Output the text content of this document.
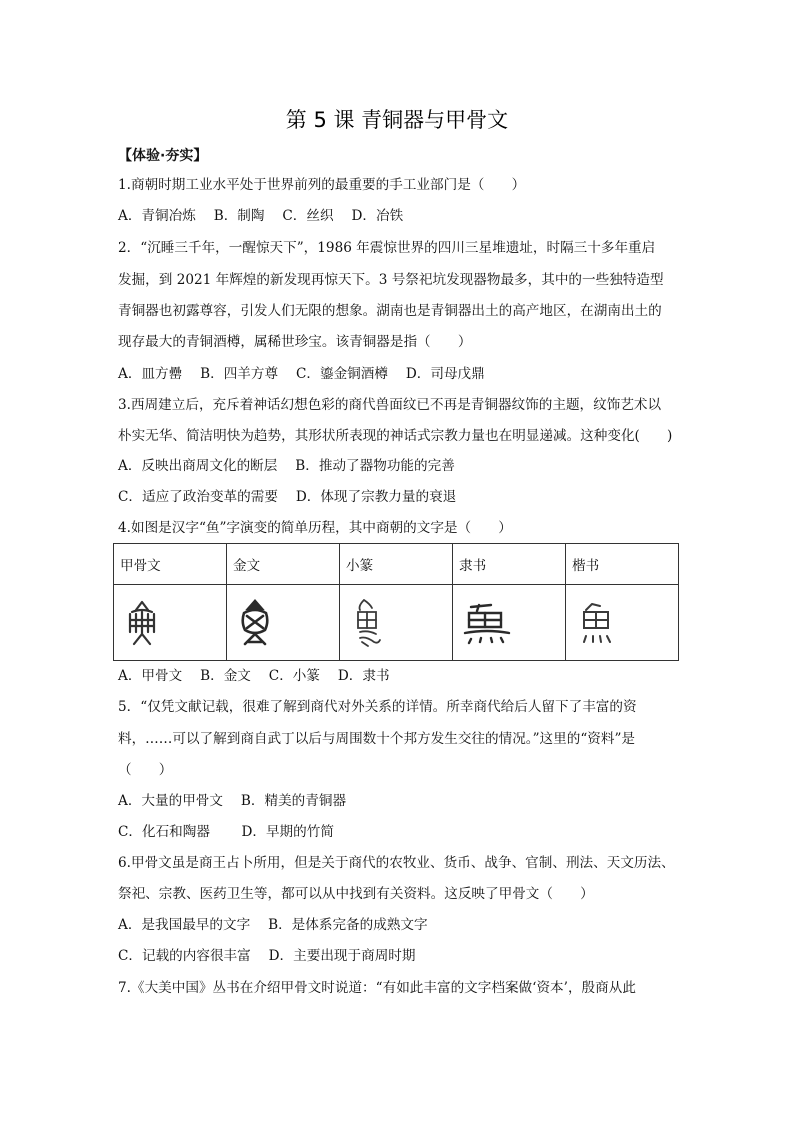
第 5 课 青铜器与甲骨文
【体验·夯实】
1.商朝时期工业水平处于世界前列的最重要的手工业部门是（　　）
A．青铜冶炼　 B．制陶　 C．丝织　 D．冶铁
2．“沉睡三千年，一醒惊天下”，1986 年震惊世界的四川三星堆遗址，时隔三十多年重启
发掘，到 2021 年辉煌的新发现再惊天下。3 号祭祀坑发现器物最多，其中的一些独特造型
青铜器也初露尊容，引发人们无限的想象。湖南也是青铜器出土的高产地区，在湖南出土的
现存最大的青铜酒樽，属稀世珍宝。该青铜器是指（　　）
A．皿方罍　 B．四羊方尊　 C．鎏金铜酒樽　 D．司母戊鼎
3.西周建立后，充斥着神话幻想色彩的商代兽面纹已不再是青铜器纹饰的主题，纹饰艺术以
朴实无华、简洁明快为趋势，其形状所表现的神话式宗教力量也在明显递减。这种变化(　　)
A．反映出商周文化的断层　 B．推动了器物功能的完善
C．适应了政治变革的需要　 D．体现了宗教力量的衰退
4.如图是汉字“鱼”字演变的简单历程，其中商朝的文字是（　　）
甲骨文	金文	小篆	隶书	楷书

A．甲骨文　 B．金文　 C．小篆　 D．隶书
5．“仅凭文献记载，很难了解到商代对外关系的详情。所幸商代给后人留下了丰富的资
料，……可以了解到商自武丁以后与周围数十个邦方发生交往的情况。”这里的“资料”是
（　　）
A．大量的甲骨文　 B．精美的青铜器
C．化石和陶器　　 D．早期的竹简
6.甲骨文虽是商王占卜所用，但是关于商代的农牧业、货币、战争、官制、刑法、天文历法、
祭祀、宗教、医药卫生等，都可以从中找到有关资料。这反映了甲骨文（　　）
A．是我国最早的文字　 B．是体系完备的成熟文字
C．记载的内容很丰富　 D．主要出现于商周时期
7.《大美中国》丛书在介绍甲骨文时说道：“有如此丰富的文字档案做‘资本’，殷商从此
